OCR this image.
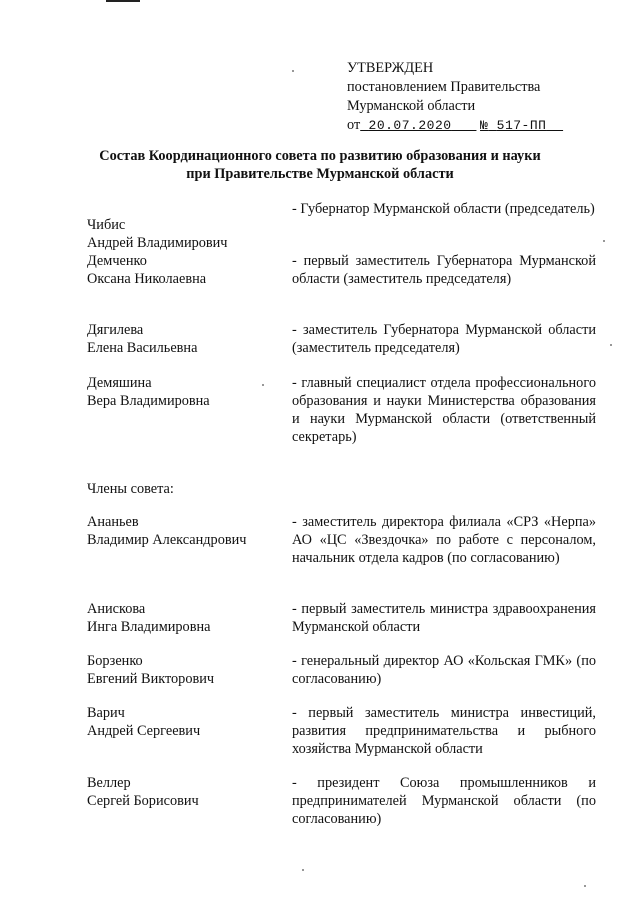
УТВЕРЖДЕН
постановлением Правительства
Мурманской области
от 20.07.2020 № 517-ПП
Состав Координационного совета по развитию образования и науки
при Правительстве Мурманской области
Чибис
Андрей Владимирович
- Губернатор Мурманской области (председатель)
Демченко
Оксана Николаевна
- первый заместитель Губернатора Мурманской области (заместитель председателя)
Дягилева
Елена Васильевна
- заместитель Губернатора Мурманской области (заместитель председателя)
Демяшина
Вера Владимировна
- главный специалист отдела профессионального образования и науки Министерства образования и науки Мурманской области (ответственный секретарь)
Члены совета:
Ананьев
Владимир Александрович
- заместитель директора филиала «СРЗ «Нерпа» АО «ЦС «Звездочка» по работе с персоналом, начальник отдела кадров (по согласованию)
Анискова
Инга Владимировна
- первый заместитель министра здравоохранения Мурманской области
Борзенко
Евгений Викторович
- генеральный директор АО «Кольская ГМК» (по согласованию)
Варич
Андрей Сергеевич
- первый заместитель министра инвестиций, развития предпринимательства и рыбного хозяйства Мурманской области
Веллер
Сергей Борисович
- президент Союза промышленников и предпринимателей Мурманской области (по согласованию)
